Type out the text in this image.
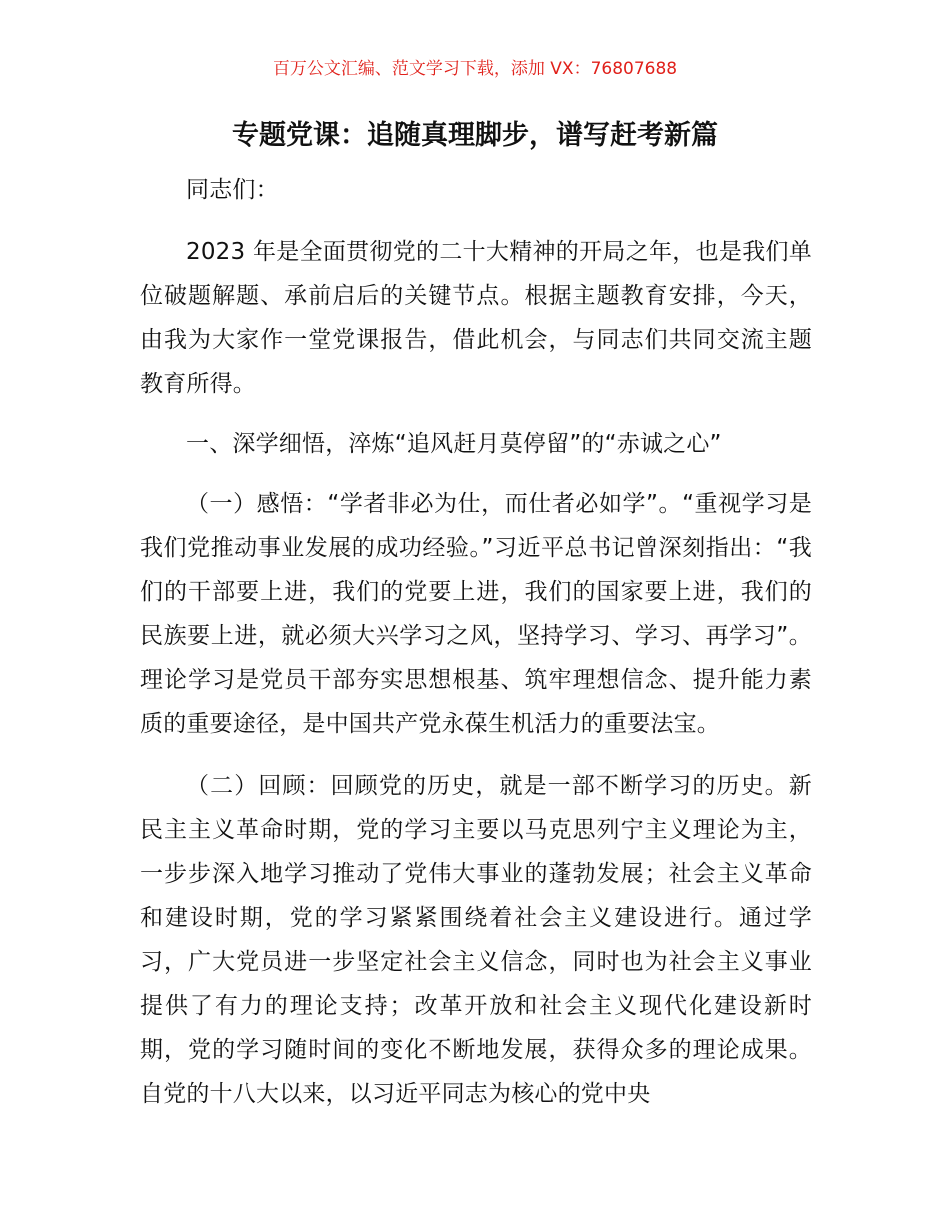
百万公文汇编、范文学习下载，添加 VX：76807688
专题党课：追随真理脚步，谱写赶考新篇

同志们：

2023 年是全面贯彻党的二十大精神的开局之年，也是我们单位破题解题、承前启后的关键节点。根据主题教育安排，今天，由我为大家作一堂党课报告，借此机会，与同志们共同交流主题教育所得。

一、深学细悟，淬炼“追风赶月莫停留”的“赤诚之心”

（一）感悟：“学者非必为仕，而仕者必如学”。“重视学习是我们党推动事业发展的成功经验。”习近平总书记曾深刻指出：“我们的干部要上进，我们的党要上进，我们的国家要上进，我们的民族要上进，就必须大兴学习之风，坚持学习、学习、再学习”。理论学习是党员干部夯实思想根基、筑牢理想信念、提升能力素质的重要途径，是中国共产党永葆生机活力的重要法宝。

（二）回顾：回顾党的历史，就是一部不断学习的历史。新民主主义革命时期，党的学习主要以马克思列宁主义理论为主，一步步深入地学习推动了党伟大事业的蓬勃发展；社会主义革命和建设时期，党的学习紧紧围绕着社会主义建设进行。通过学习，广大党员进一步坚定社会主义信念，同时也为社会主义事业提供了有力的理论支持；改革开放和社会主义现代化建设新时期，党的学习随时间的变化不断地发展，获得众多的理论成果。自党的十八大以来，以习近平同志为核心的党中央
